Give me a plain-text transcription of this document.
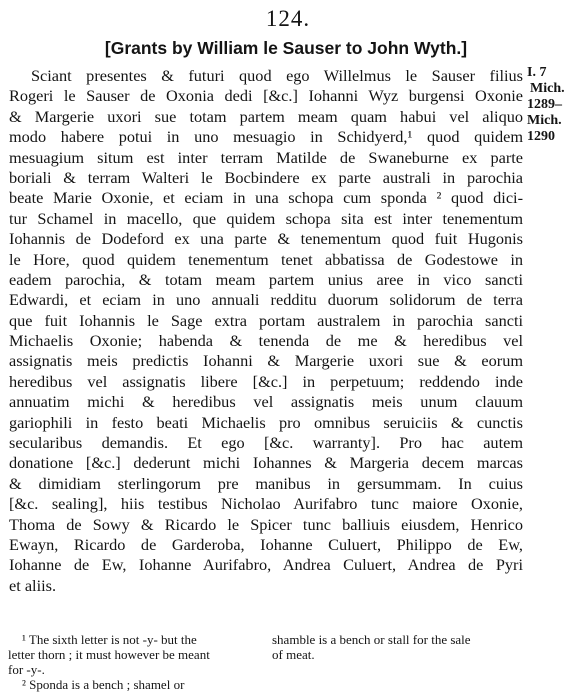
124.
[Grants by William le Sauser to John Wyth.]
I. 7
Mich.
1289–
Mich.
1290
Sciant presentes & futuri quod ego Willelmus le Sauser filius
Rogeri le Sauser de Oxonia dedi [&c.] Iohanni Wyz burgensi Oxonie
& Margerie uxori sue totam partem meam quam habui vel aliquo
modo habere potui in uno mesuagio in Schidyerd,¹ quod quidem
mesuagium situm est inter terram Matilde de Swaneburne ex parte
boriali & terram Walteri le Bocbindere ex parte australi in parochia
beate Marie Oxonie, et eciam in una schopa cum sponda ² quod dici-
tur Schamel in macello, que quidem schopa sita est inter tenementum
Iohannis de Dodeford ex una parte & tenementum quod fuit Hugonis
le Hore, quod quidem tenementum tenet abbatissa de Godestowe in
eadem parochia, & totam meam partem unius aree in vico sancti
Edwardi, et eciam in uno annuali redditu duorum solidorum de terra
que fuit Iohannis le Sage extra portam australem in parochia sancti
Michaelis Oxonie; habenda & tenenda de me & heredibus vel
assignatis meis predictis Iohanni & Margerie uxori sue & eorum
heredibus vel assignatis libere [&c.] in perpetuum; reddendo inde
annuatim michi & heredibus vel assignatis meis unum clauum
gariophili in festo beati Michaelis pro omnibus seruiciis & cunctis
secularibus demandis. Et ego [&c. warranty]. Pro hac autem
donatione [&c.] dederunt michi Iohannes & Margeria decem marcas
& dimidiam sterlingorum pre manibus in gersummam. In cuius
[&c. sealing], hiis testibus Nicholao Aurifabro tunc maiore Oxonie,
Thoma de Sowy & Ricardo le Spicer tunc balliuis eiusdem, Henrico
Ewayn, Ricardo de Garderoba, Iohanne Culuert, Philippo de Ew,
Iohanne de Ew, Iohanne Aurifabro, Andrea Culuert, Andrea de Pyri
et aliis.
¹ The sixth letter is not -y- but the
letter thorn ; it must however be meant
for -y-.
² Sponda is a bench ; shamel or
shamble is a bench or stall for the sale
of meat.
